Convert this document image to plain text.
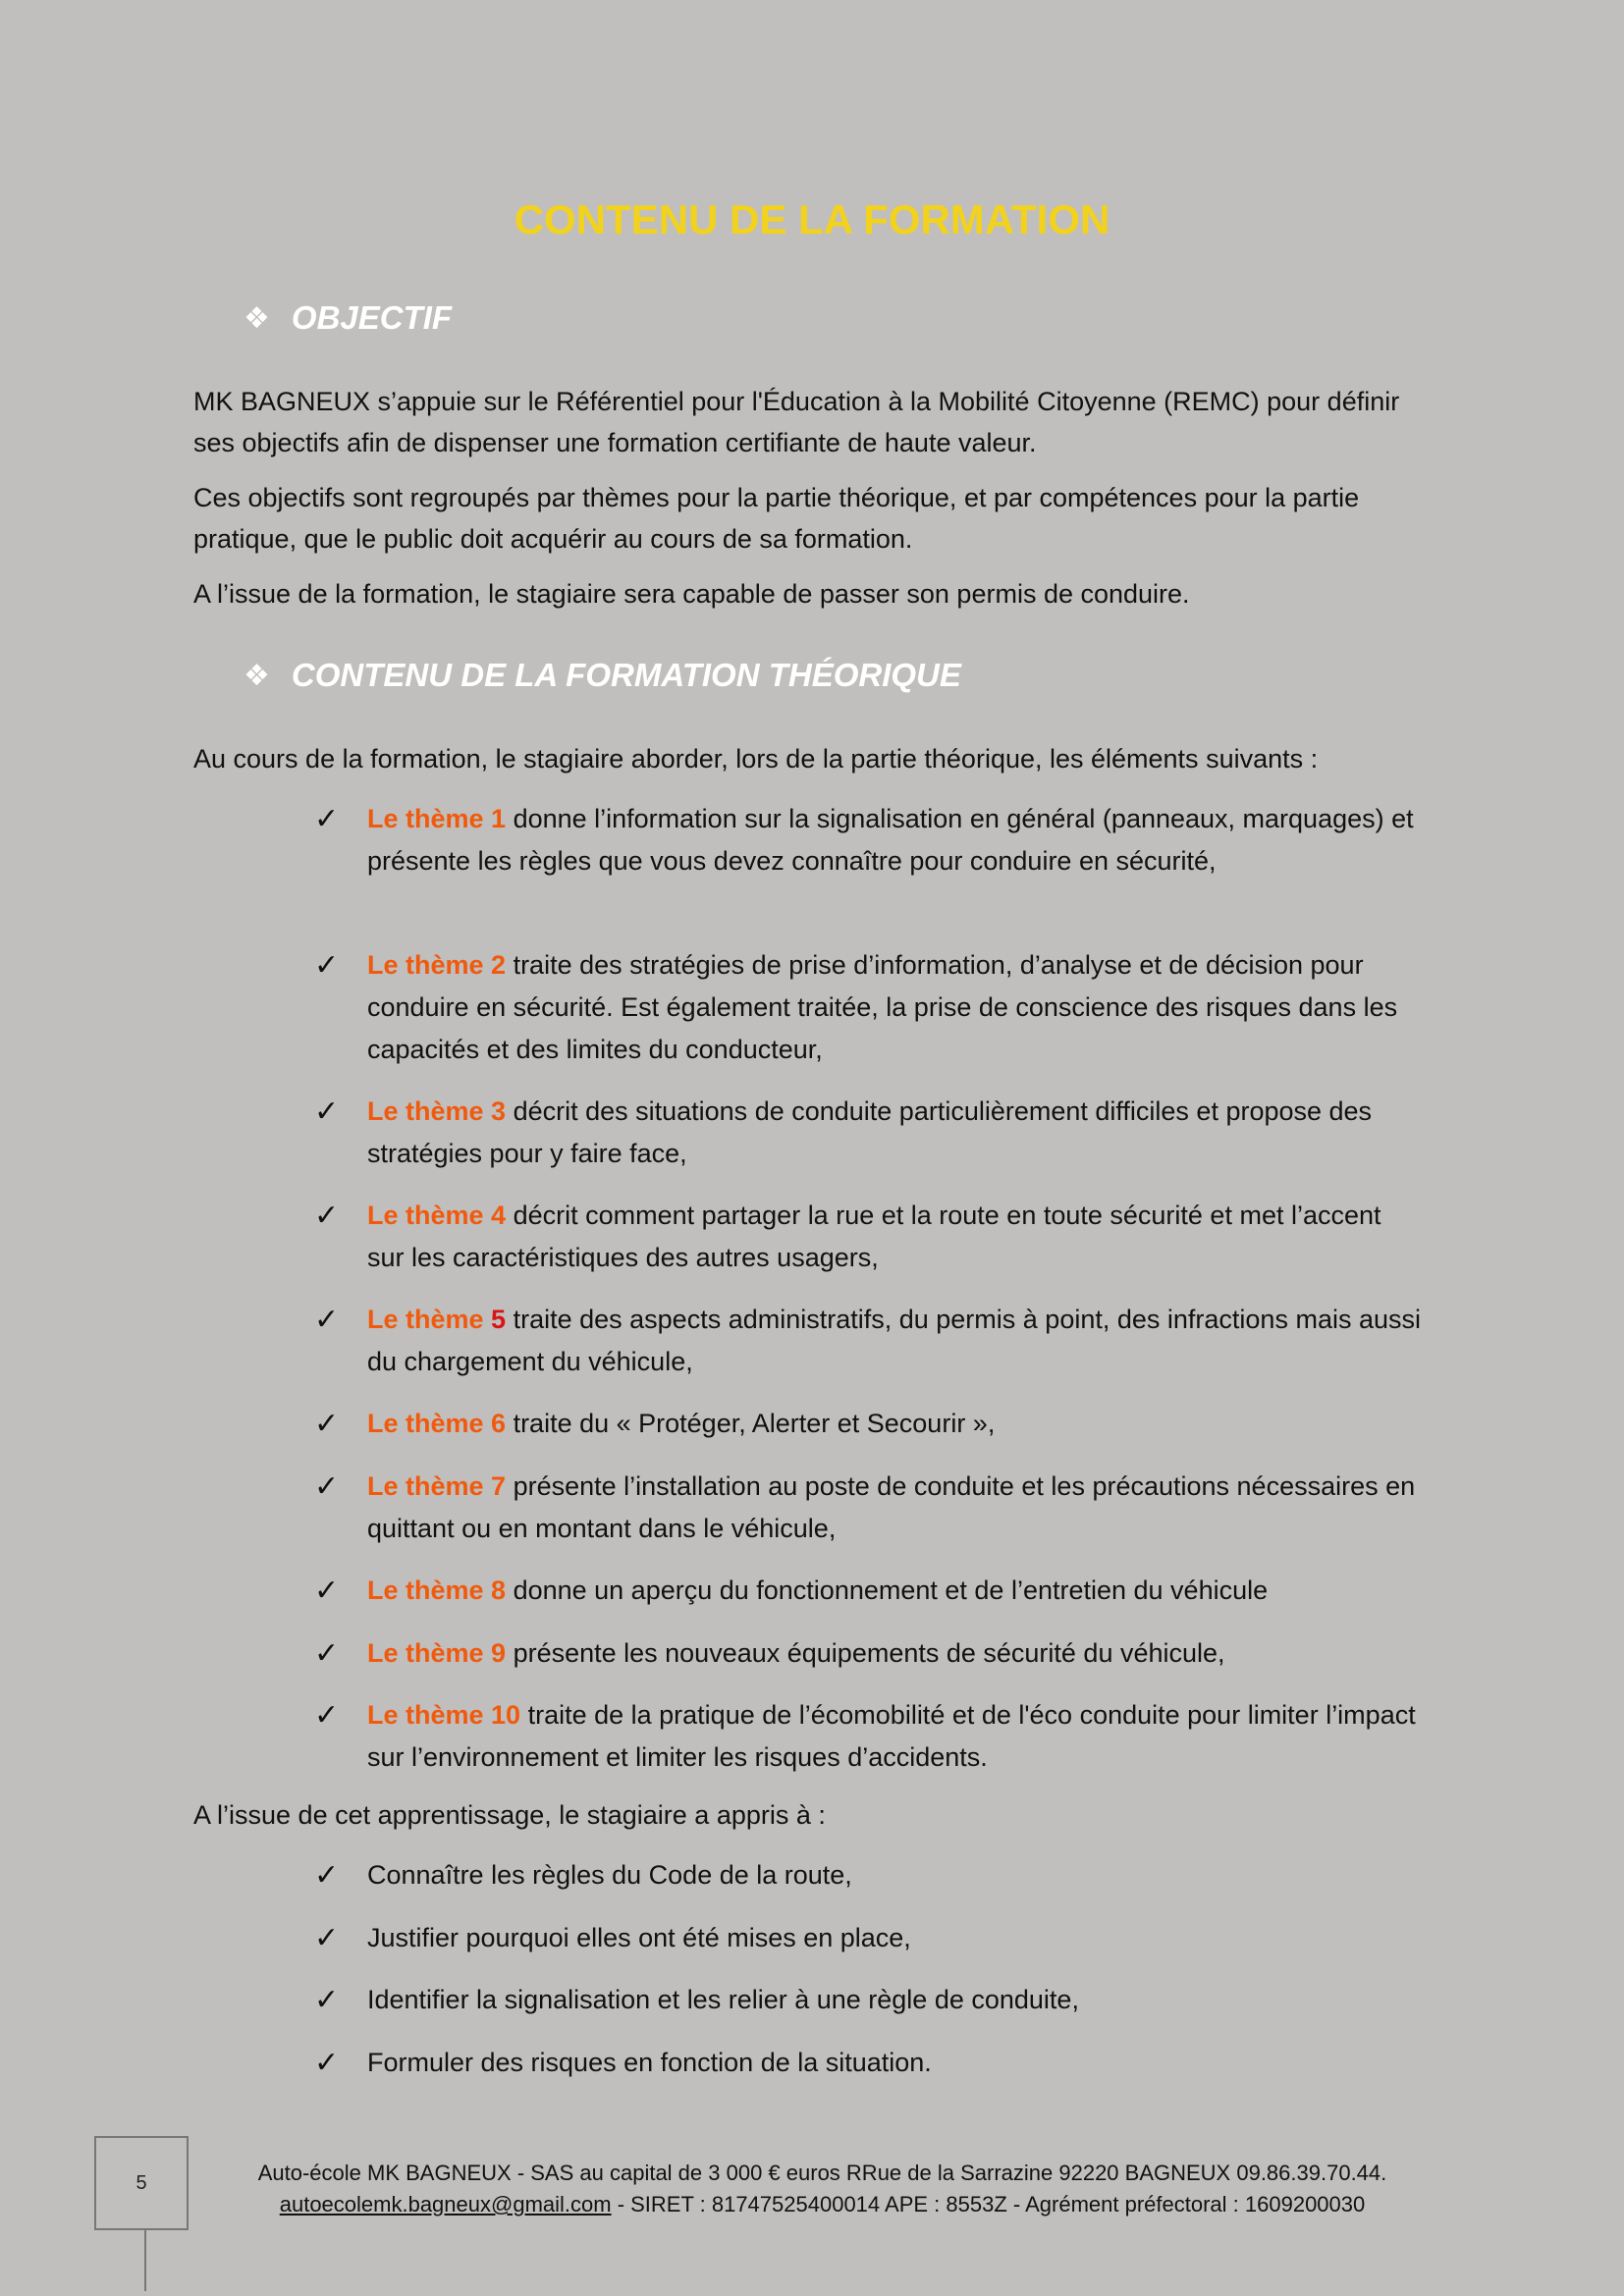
CONTENU DE LA FORMATION
❖ OBJECTIF

MK BAGNEUX s’appuie sur le Référentiel pour l'Éducation à la Mobilité Citoyenne (REMC) pour définir ses objectifs afin de dispenser une formation certifiante de haute valeur.

Ces objectifs sont regroupés par thèmes pour la partie théorique, et par compétences pour la partie pratique, que le public doit acquérir au cours de sa formation.

A l’issue de la formation, le stagiaire sera capable de passer son permis de conduire.

❖ CONTENU DE LA FORMATION THÉORIQUE

Au cours de la formation, le stagiaire aborder, lors de la partie théorique, les éléments suivants :

✓	Le thème 1 donne l’information sur la signalisation en général (panneaux, marquages) et présente les règles que vous devez connaître pour conduire en sécurité,
✓	Le thème 2 traite des stratégies de prise d’information, d’analyse et de décision pour conduire en sécurité. Est également traitée, la prise de conscience des risques dans les capacités et des limites du conducteur,
✓	Le thème 3 décrit des situations de conduite particulièrement difficiles et propose des stratégies pour y faire face,
✓	Le thème 4 décrit comment partager la rue et la route en toute sécurité et met l’accent sur les caractéristiques des autres usagers,
✓	Le thème 5 traite des aspects administratifs, du permis à point, des infractions mais aussi du chargement du véhicule,
✓	Le thème 6 traite du « Protéger, Alerter et Secourir »,
✓	Le thème 7 présente l’installation au poste de conduite et les précautions nécessaires en quittant ou en montant dans le véhicule,
✓	Le thème 8 donne un aperçu du fonctionnement et de l’entretien du véhicule
✓	Le thème 9 présente les nouveaux équipements de sécurité du véhicule,
✓	Le thème 10 traite de la pratique de l’écomobilité et de l'éco conduite pour limiter l’impact sur l’environnement et limiter les risques d’accidents.

A l’issue de cet apprentissage, le stagiaire a appris à :

✓	Connaître les règles du Code de la route,
✓	Justifier pourquoi elles ont été mises en place,
✓	Identifier la signalisation et les relier à une règle de conduite,
✓	Formuler des risques en fonction de la situation.
5	Auto-école MK BAGNEUX - SAS au capital de 3 000 € euros RRue de la Sarrazine 92220 BAGNEUX 09.86.39.70.44.
autoecolemk.bagneux@gmail.com - SIRET : 81747525400014 APE : 8553Z - Agrément préfectoral : 1609200030
